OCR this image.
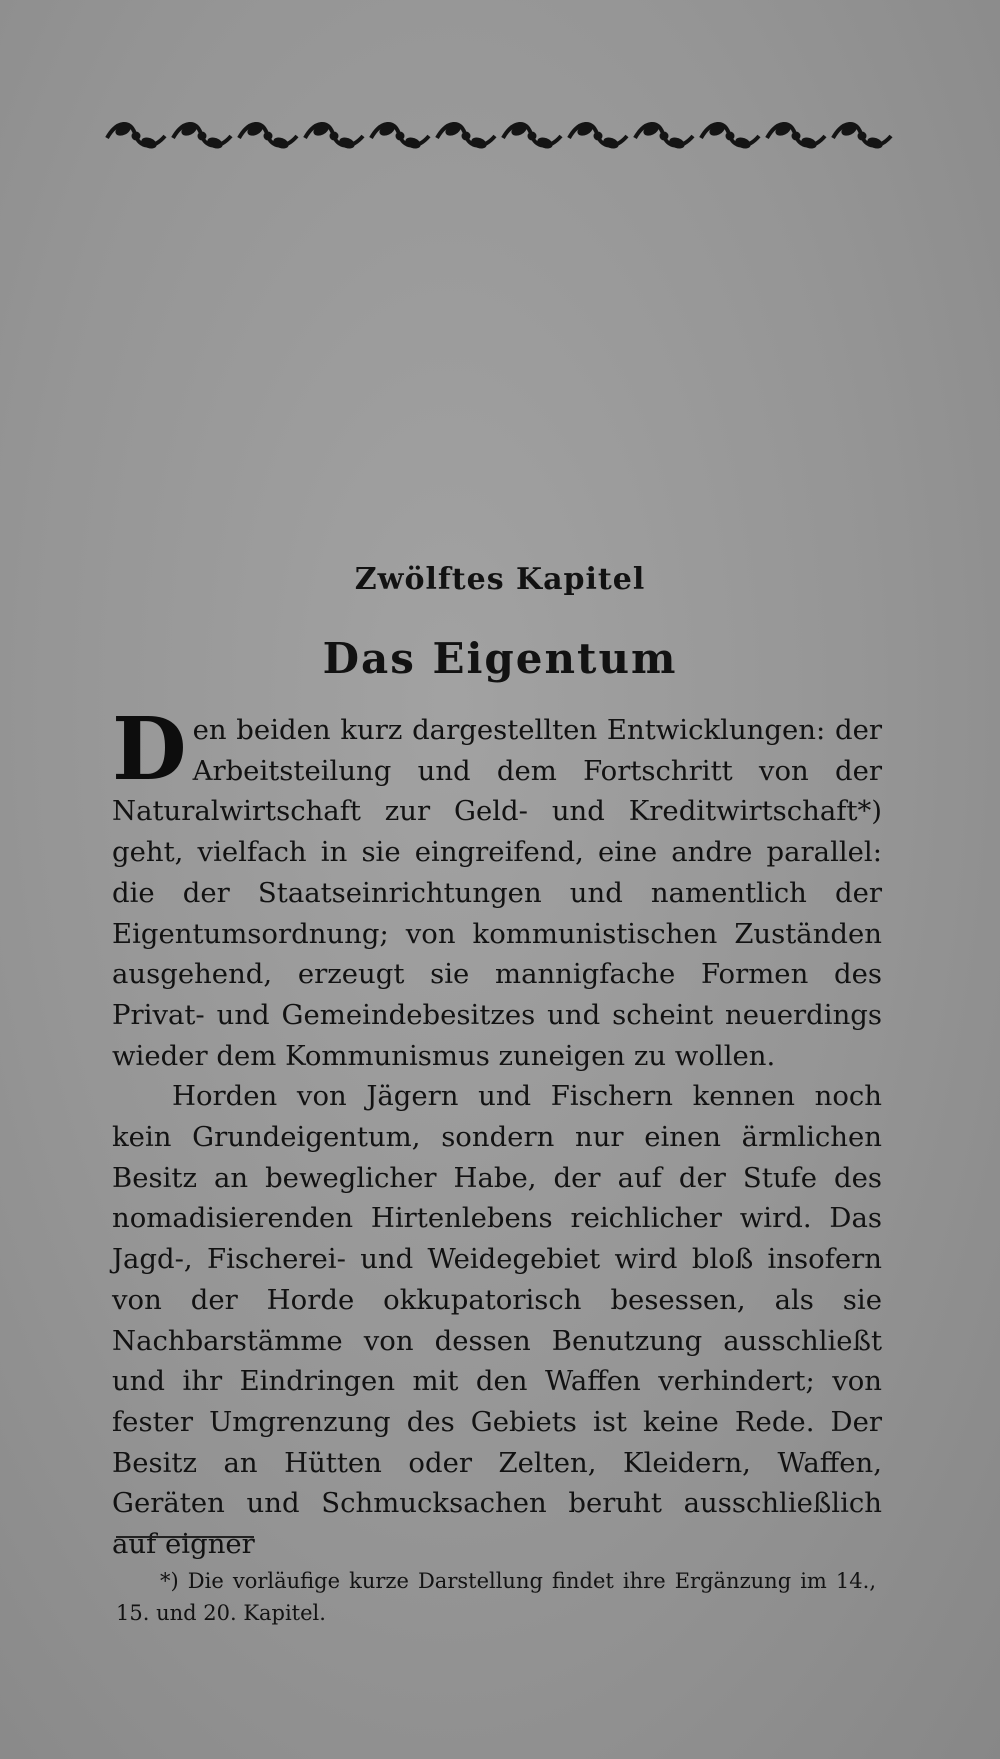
Zwölftes Kapitel
Das Eigentum

D en beiden kurz dargestellten Entwicklungen: der Arbeitsteilung und dem Fortschritt von der Naturalwirtschaft zur Geld- und Kreditwirtschaft*) geht, vielfach in sie eingreifend, eine andre parallel: die der Staatseinrichtungen und namentlich der Eigentumsordnung; von kommunistischen Zuständen ausgehend, erzeugt sie mannigfache Formen des Privat- und Gemeindebesitzes und scheint neuerdings wieder dem Kommunismus zuneigen zu wollen.

Horden von Jägern und Fischern kennen noch kein Grundeigentum, sondern nur einen ärmlichen Besitz an beweglicher Habe, der auf der Stufe des nomadisierenden Hirtenlebens reichlicher wird. Das Jagd-, Fischerei- und Weidegebiet wird bloß insofern von der Horde okkupatorisch besessen, als sie Nachbarstämme von dessen Benutzung ausschließt und ihr Eindringen mit den Waffen verhindert; von fester Umgrenzung des Gebiets ist keine Rede. Der Besitz an Hütten oder Zelten, Kleidern, Waffen, Geräten und Schmucksachen beruht ausschließlich auf eigner

*) Die vorläufige kurze Darstellung findet ihre Ergänzung im 14., 15. und 20. Kapitel.
